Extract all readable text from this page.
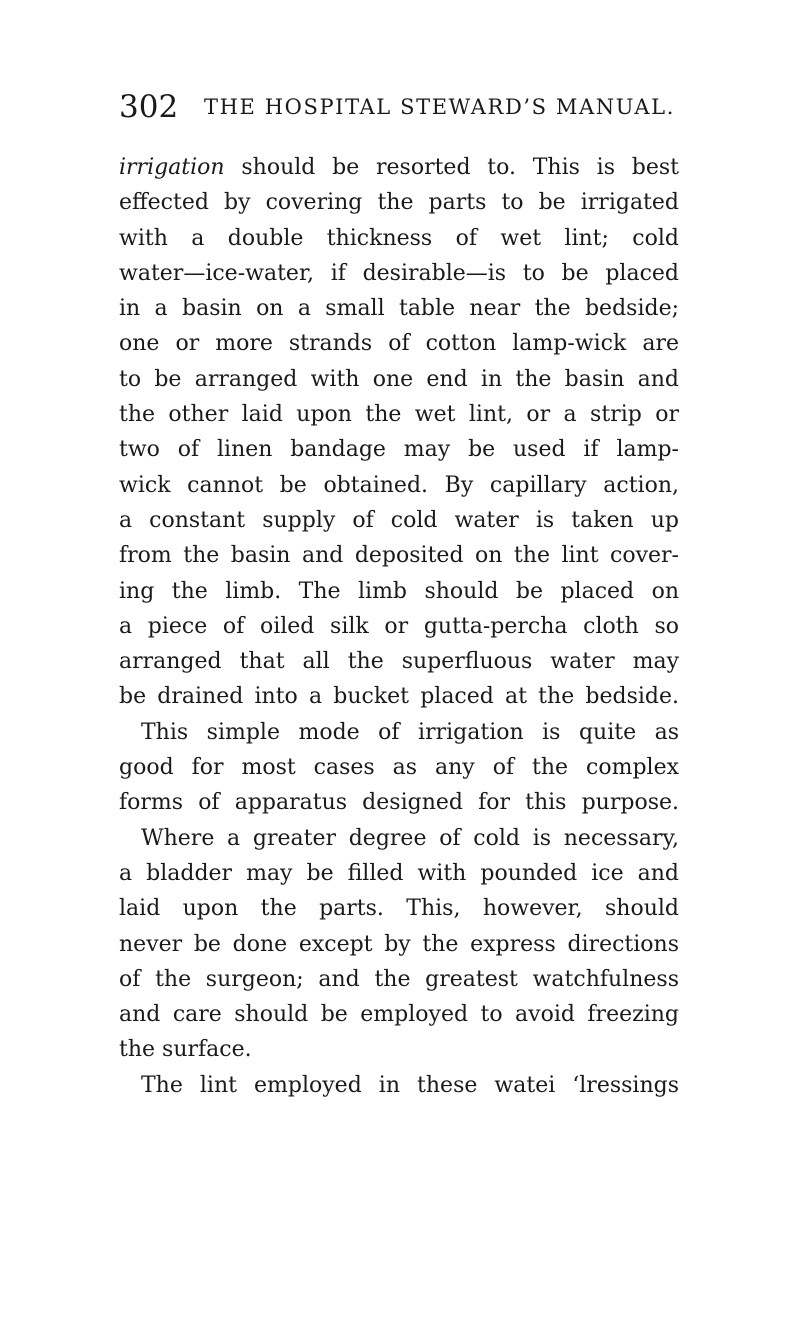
302 THE HOSPITAL STEWARD’S MANUAL.
irrigation should be resorted to. This is best
effected by covering the parts to be irrigated
with a double thickness of wet lint; cold
water—ice-water, if desirable—is to be placed
in a basin on a small table near the bedside;
one or more strands of cotton lamp-wick are
to be arranged with one end in the basin and
the other laid upon the wet lint, or a strip or
two of linen bandage may be used if lamp-
wick cannot be obtained. By capillary action,
a constant supply of cold water is taken up
from the basin and deposited on the lint cover-
ing the limb. The limb should be placed on
a piece of oiled silk or gutta-percha cloth so
arranged that all the superfluous water may
be drained into a bucket placed at the bedside.
This simple mode of irrigation is quite as
good for most cases as any of the complex
forms of apparatus designed for this purpose.
Where a greater degree of cold is necessary,
a bladder may be filled with pounded ice and
laid upon the parts. This, however, should
never be done except by the express directions
of the surgeon; and the greatest watchfulness
and care should be employed to avoid freezing
the surface.
The lint employed in these watei ʻlressings
